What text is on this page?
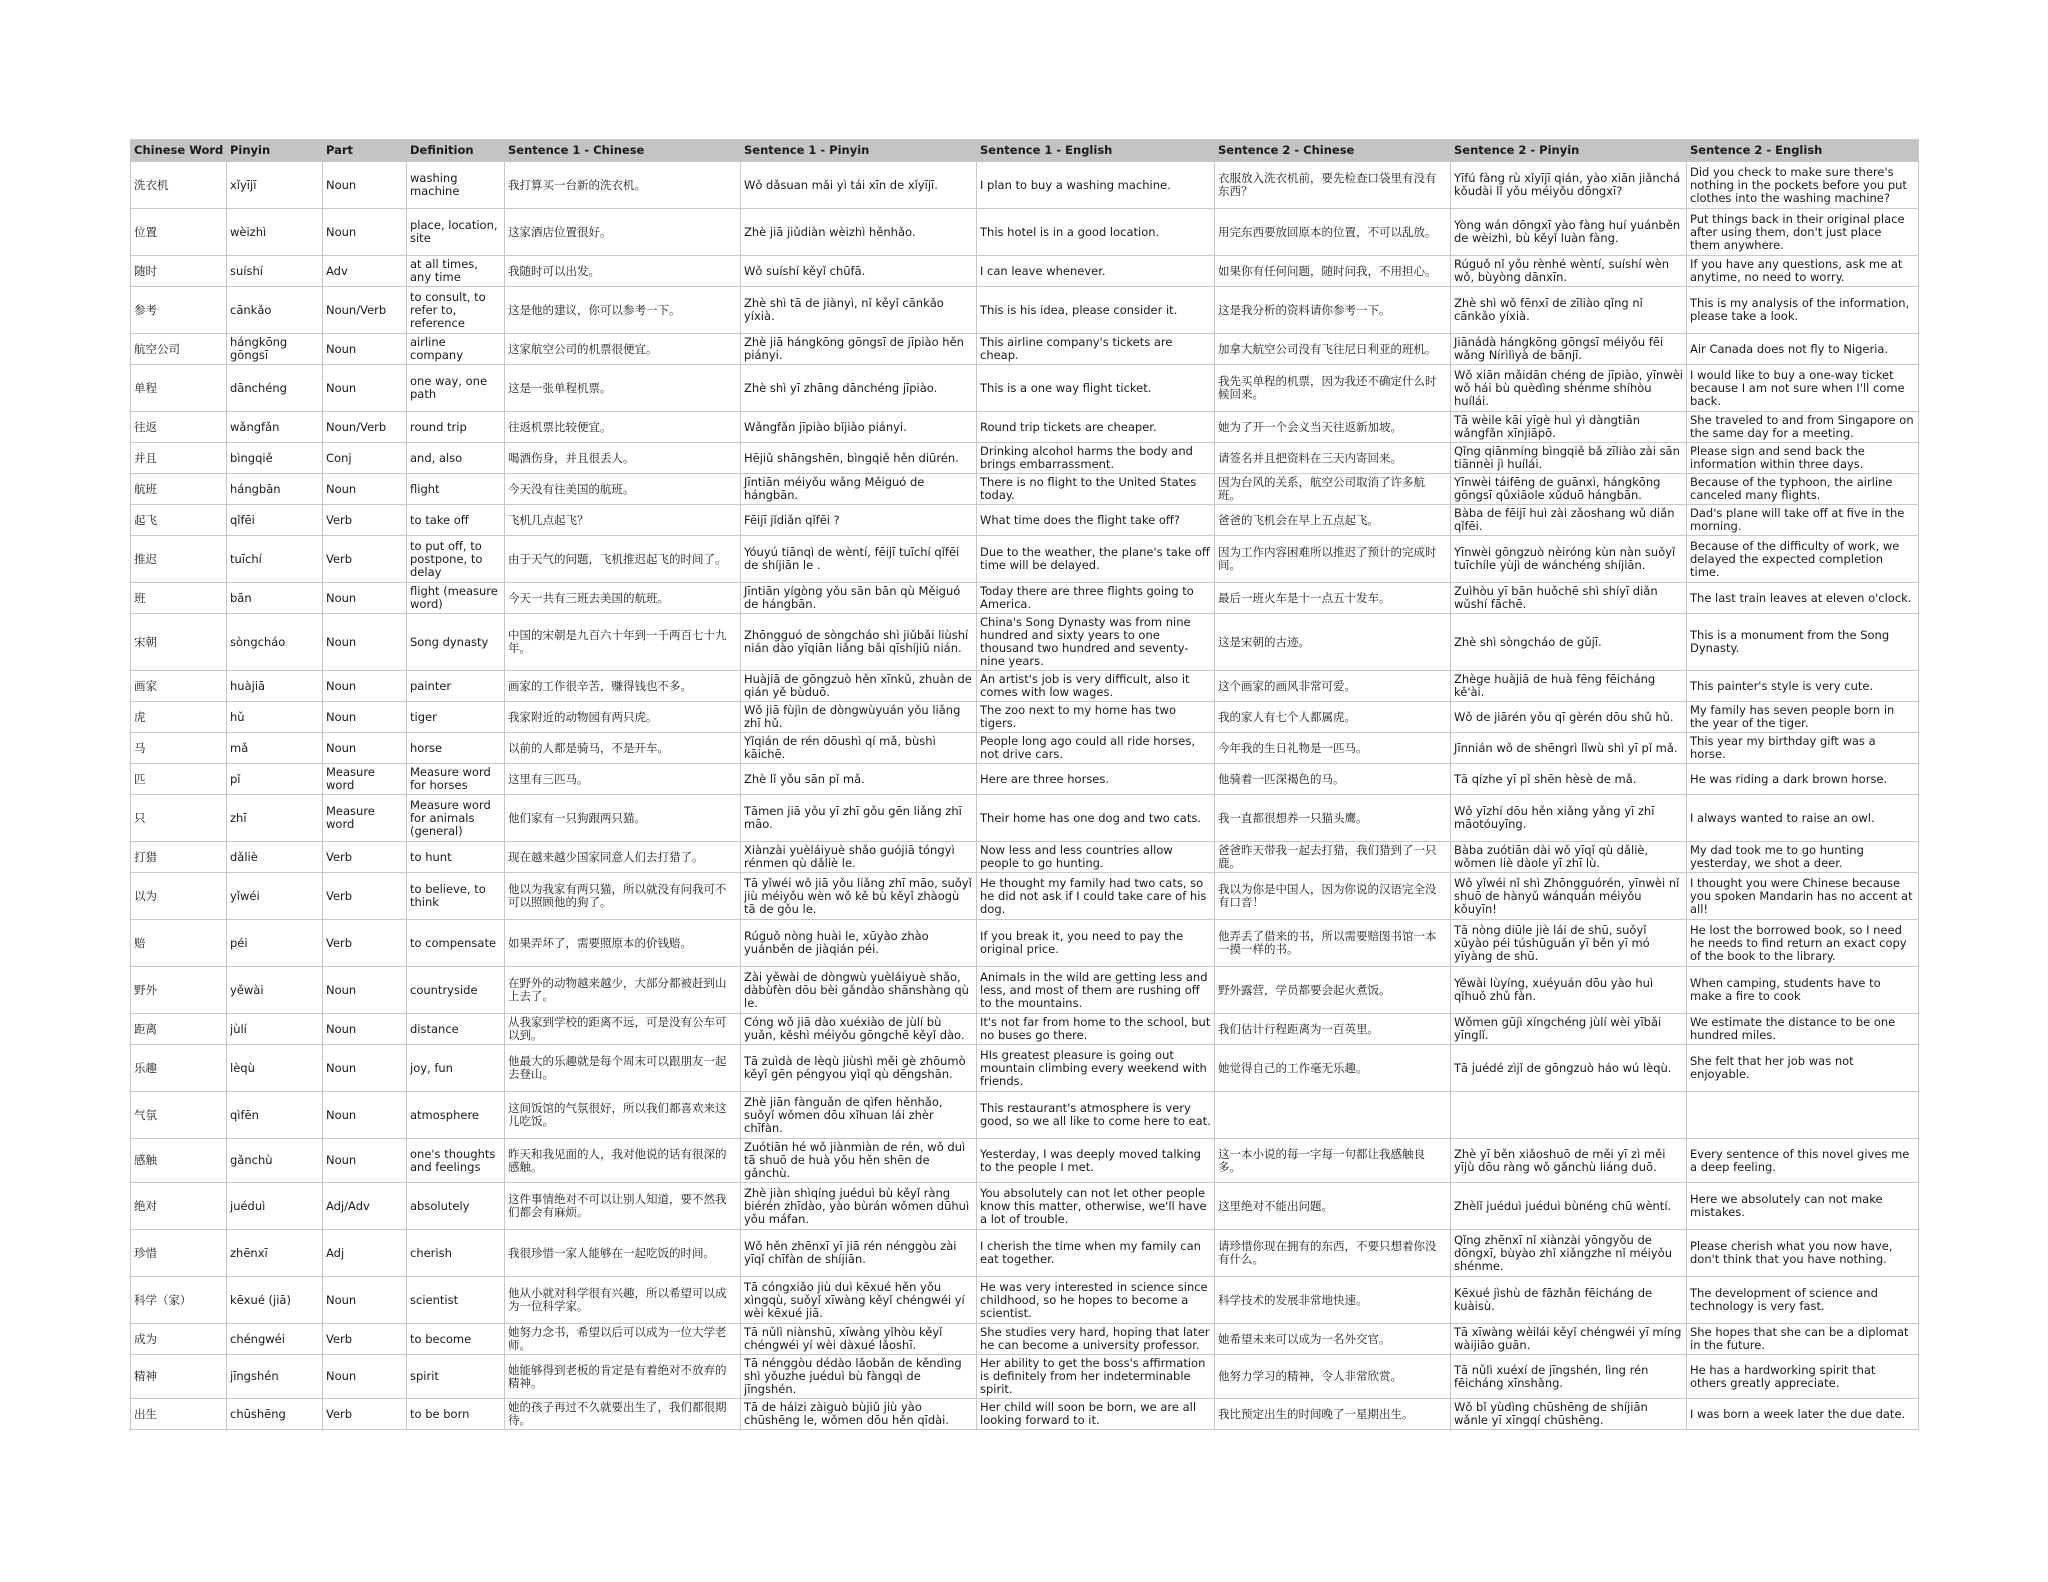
Chinese Word	Pinyin	Part	Definition	Sentence 1 - Chinese	Sentence 1 - Pinyin	Sentence 1 - English	Sentence 2 - Chinese	Sentence 2 - Pinyin	Sentence 2 - English
洗衣机	xǐyījī	Noun	washing machine	我打算买一台新的洗衣机。	Wǒ dǎsuan mǎi yì tái xīn de xǐyījī.	I plan to buy a washing machine.	衣服放入洗衣机前，要先检查口袋里有没有东西？	Yīfú fàng rù xǐyījī qián, yào xiān jiǎnchá kǒudài lǐ yǒu méiyǒu dōngxī?	Did you check to make sure there's nothing in the pockets before you put clothes into the washing machine?
位置	wèizhì	Noun	place, location, site	这家酒店位置很好。	Zhè jiā jiǔdiàn wèizhì hěnhǎo.	This hotel is in a good location.	用完东西要放回原本的位置，不可以乱放。	Yòng wán dōngxī yào fàng huí yuánběn de wèizhì, bù kěyǐ luàn fàng.	Put things back in their original place after using them, don't just place them anywhere.
随时	suíshí	Adv	at all times, any time	我随时可以出发。	Wǒ suíshí kěyǐ chūfā.	I can leave whenever.	如果你有任何问题，随时问我，不用担心。	Rúguǒ nǐ yǒu rènhé wèntí, suíshí wèn wǒ, bùyòng dānxīn.	If you have any questions, ask me at anytime, no need to worry.
参考	cānkǎo	Noun/Verb	to consult, to refer to, reference	这是他的建议，你可以参考一下。	Zhè shì tā de jiànyì, nǐ kěyǐ cānkǎo yíxià.	This is his idea, please consider it.	这是我分析的资料请你参考一下。	Zhè shì wǒ fēnxī de zīliào qǐng nǐ cānkǎo yíxià.	This is my analysis of the information, please take a look.
航空公司	hángkōng gōngsī	Noun	airline company	这家航空公司的机票很便宜。	Zhè jiā hángkōng gōngsī de jīpiào hěn piányi.	This airline company's tickets are cheap.	加拿大航空公司没有飞往尼日利亚的班机。	Jiānádà hángkōng gōngsī méiyǒu fēi wǎng Nírìlìyà de bānjī.	Air Canada does not fly to Nigeria.
单程	dānchéng	Noun	one way, one path	这是一张单程机票。	Zhè shì yī zhāng dānchéng jīpiào.	This is a one way flight ticket.	我先买单程的机票，因为我还不确定什么时候回来。	Wǒ xiān mǎidān chéng de jīpiào, yīnwèi wǒ hái bù quèdìng shénme shíhòu huílái.	I would like to buy a one-way ticket because I am not sure when I'll come back.
往返	wǎngfǎn	Noun/Verb	round trip	往返机票比较便宜。	Wǎngfǎn jīpiào bǐjiào piányi.	Round trip tickets are cheaper.	她为了开一个会义当天往返新加坡。	Tā wèile kāi yīgè huì yì dàngtiān wǎngfǎn xīnjiāpō.	She traveled to and from Singapore on the same day for a meeting.
并且	bìngqiě	Conj	and, also	喝酒伤身，并且很丢人。	Hējiǔ shāngshēn, bìngqiě hěn diūrén.	Drinking alcohol harms the body and brings embarrassment.	请签名并且把资料在三天内寄回来。	Qǐng qiānmíng bìngqiě bǎ zīliào zài sān tiānnèi jì huílái.	Please sign and send back the information within three days.
航班	hángbān	Noun	flight	今天没有往美国的航班。	Jīntiān méiyǒu wǎng Měiguó de hángbān.	There is no flight to the United States today.	因为台风的关系，航空公司取消了许多航班。	Yīnwèi táifēng de guānxì, hángkōng gōngsī qǔxiāole xǔduō hángbān.	Because of the typhoon, the airline canceled many flights.
起飞	qǐfēi	Verb	to take off	飞机几点起飞？	Fēijī jǐdiǎn qǐfēi ?	What time does the flight take off?	爸爸的飞机会在早上五点起飞。	Bàba de fēijī huì zài zǎoshang wǔ diǎn qǐfēi.	Dad's plane will take off at five in the morning.
推迟	tuīchí	Verb	to put off, to postpone, to delay	由于天气的问题，飞机推迟起飞的时间了。	Yóuyú tiānqì de wèntí, fēijī tuīchí qǐfēi de shíjiān le .	Due to the weather, the plane's take off time will be delayed.	因为工作内容困难所以推迟了预计的完成时间。	Yīnwèi gōngzuò nèiróng kùn nàn suǒyǐ tuīchíle yùjì de wánchéng shíjiān.	Because of the difficulty of work, we delayed the expected completion time.
班	bān	Noun	flight (measure word)	今天一共有三班去美国的航班。	Jīntiān yígòng yǒu sān bān qù Měiguó de hángbān.	Today there are three flights going to America.	最后一班火车是十一点五十发车。	Zuìhòu yī bān huǒchē shì shíyī diǎn wǔshí fāchē.	The last train leaves at eleven o'clock.
宋朝	sòngcháo	Noun	Song dynasty	中国的宋朝是九百六十年到一千两百七十九年。	Zhōngguó de sòngcháo shì jiǔbǎi liùshí nián dào yīqiān liǎng bǎi qīshíjiǔ nián.	China's Song Dynasty was from nine hundred and sixty years to one thousand two hundred and seventy-nine years.	这是宋朝的古迹。	Zhè shì sòngcháo de gǔjī.	This is a monument from the Song Dynasty.
画家	huàjiā	Noun	painter	画家的工作很辛苦，赚得钱也不多。	Huàjiā de gōngzuò hěn xīnkǔ, zhuàn de qián yě bùduō.	An artist's job is very difficult, also it comes with low wages.	这个画家的画风非常可爱。	Zhège huàjiā de huà fēng fēicháng kě'ài.	This painter's style is very cute.
虎	hǔ	Noun	tiger	我家附近的动物园有两只虎。	Wǒ jiā fùjìn de dòngwùyuán yǒu liǎng zhī hǔ.	The zoo next to my home has two tigers.	我的家人有七个人都属虎。	Wǒ de jiārén yǒu qī gèrén dōu shǔ hǔ.	My family has seven people born in the year of the tiger.
马	mǎ	Noun	horse	以前的人都是骑马，不是开车。	Yǐqián de rén dōushì qí mǎ, bùshì kāichē.	People long ago could all ride horses, not drive cars.	今年我的生日礼物是一匹马。	Jīnnián wǒ de shēngrì lǐwù shì yī pǐ mǎ.	This year my birthday gift was a horse.
匹	pǐ	Measure word	Measure word for horses	这里有三匹马。	Zhè lǐ yǒu sān pǐ mǎ.	Here are three horses.	他骑着一匹深褐色的马。	Tā qízhe yī pǐ shēn hèsè de mǎ.	He was riding a dark brown horse.
只	zhī	Measure word	Measure word for animals (general)	他们家有一只狗跟两只猫。	Tāmen jiā yǒu yī zhī gǒu gēn liǎng zhī māo.	Their home has one dog and two cats.	我一直都很想养一只猫头鹰。	Wǒ yīzhí dōu hěn xiǎng yǎng yī zhī māotóuyīng.	I always wanted to raise an owl.
打猎	dǎliè	Verb	to hunt	现在越来越少国家同意人们去打猎了。	Xiànzài yuèláiyuè shǎo guójiā tóngyì rénmen qù dǎliè le.	Now less and less countries allow people to go hunting.	爸爸昨天带我一起去打猎，我们猎到了一只鹿。	Bàba zuótiān dài wǒ yīqǐ qù dǎliè, wǒmen liè dàole yī zhī lù.	My dad took me to go hunting yesterday, we shot a deer.
以为	yǐwéi	Verb	to believe, to think	他以为我家有两只猫，所以就没有问我可不可以照顾他的狗了。	Tā yǐwéi wǒ jiā yǒu liǎng zhī māo, suǒyǐ jiù méiyǒu wèn wǒ kě bù kěyǐ zhàogù tā de gǒu le.	He thought my family had two cats, so he did not ask if I could take care of his dog.	我以为你是中国人，因为你说的汉语完全没有口音！	Wǒ yǐwéi nǐ shì Zhōngguórén, yīnwèi nǐ shuō de hànyǔ wánquán méiyǒu kǒuyīn!	I thought you were Chinese because you spoken Mandarin has no accent at all!
赔	péi	Verb	to compensate	如果弄坏了，需要照原本的价钱赔。	Rúguǒ nòng huài le, xūyào zhào yuánběn de jiàqián péi.	If you break it, you need to pay the original price.	他弄丢了借来的书，所以需要赔图书馆一本一摸一样的书。	Tā nòng diūle jiè lái de shū, suǒyǐ xūyào péi túshūguǎn yī běn yī mó yīyàng de shū.	He lost the borrowed book, so I need he needs to find return an exact copy of the book to the library.
野外	yěwài	Noun	countryside	在野外的动物越来越少，大部分都被赶到山上去了。	Zài yěwài de dòngwù yuèláiyuè shǎo, dàbùfèn dōu bèi gǎndào shānshàng qù le.	Animals in the wild are getting less and less, and most of them are rushing off to the mountains.	野外露营，学员都要会起火煮饭。	Yěwài lùyíng, xuéyuán dōu yào huì qǐhuǒ zhǔ fàn.	When camping, students have to make a fire to cook
距离	jùlí	Noun	distance	从我家到学校的距离不远，可是没有公车可以到。	Cóng wǒ jiā dào xuéxiào de jùlí bù yuǎn, kěshì méiyǒu gōngchē kěyǐ dào.	It's not far from home to the school, but no buses go there.	我们估计行程距离为一百英里。	Wǒmen gūjì xíngchéng jùlí wèi yībǎi yīnglǐ.	We estimate the distance to be one hundred miles.
乐趣	lèqù	Noun	joy, fun	他最大的乐趣就是每个周末可以跟朋友一起去登山。	Tā zuìdà de lèqù jiùshì měi gè zhōumò kěyǐ gēn péngyou yìqǐ qù dēngshān.	HIs greatest pleasure is going out mountain climbing every weekend with friends.	她觉得自己的工作毫无乐趣。	Tā juédé zìjǐ de gōngzuò háo wú lèqù.	She felt that her job was not enjoyable.
气氛	qìfēn	Noun	atmosphere	这间饭馆的气氛很好，所以我们都喜欢来这儿吃饭。	Zhè jiān fànguǎn de qìfen hěnhǎo, suǒyǐ wǒmen dōu xǐhuan lái zhèr chīfàn.	This restaurant's atmosphere is very good, so we all like to come here to eat.			
感触	gǎnchù	Noun	one's thoughts and feelings	昨天和我见面的人，我对他说的话有很深的感触。	Zuótiān hé wǒ jiànmiàn de rén, wǒ duì tā shuō de huà yǒu hěn shēn de gǎnchù.	Yesterday, I was deeply moved talking to the people I met.	这一本小说的每一字每一句都让我感触良多。	Zhè yī běn xiǎoshuō de měi yī zì měi yījù dōu ràng wǒ gǎnchù liáng duō.	Every sentence of this novel gives me a deep feeling.
绝对	juéduì	Adj/Adv	absolutely	这件事情绝对不可以让别人知道，要不然我们都会有麻烦。	Zhè jiàn shìqíng juéduì bù kěyǐ ràng biérén zhīdào, yào bùrán wǒmen dūhuì yǒu máfan.	You absolutely can not let other people know this matter, otherwise, we'll have a lot of trouble.	这里绝对不能出问题。	Zhèlǐ juéduì juéduì bùnéng chū wèntí.	Here we absolutely can not make mistakes.
珍惜	zhēnxī	Adj	cherish	我很珍惜一家人能够在一起吃饭的时间。	Wǒ hěn zhēnxī yī jiā rén nénggòu zài yīqǐ chīfàn de shíjiān.	I cherish the time when my family can eat together.	请珍惜你现在拥有的东西，不要只想着你没有什么。	Qǐng zhēnxī nǐ xiànzài yōngyǒu de dōngxī, bùyào zhǐ xiǎngzhe nǐ méiyǒu shénme.	Please cherish what you now have, don't think that you have nothing.
科学（家）	kēxué (jiā)	Noun	scientist	他从小就对科学很有兴趣，所以希望可以成为一位科学家。	Tā cóngxiǎo jiù duì kēxué hěn yǒu xìngqù, suǒyǐ xīwàng kěyǐ chéngwéi yí wèi kēxué jiā.	He was very interested in science since childhood, so he hopes to become a scientist.	科学技术的发展非常地快速。	Kēxué jìshù de fāzhǎn fēicháng de kuàisù.	The development of science and technology is very fast.
成为	chéngwéi	Verb	to become	她努力念书，希望以后可以成为一位大学老师。	Tā nǔlì niànshū, xīwàng yǐhòu kěyǐ chéngwéi yí wèi dàxué lǎoshī.	She studies very hard, hoping that later he can become a university professor.	她希望未来可以成为一名外交官。	Tā xīwàng wèilái kěyǐ chéngwéi yī míng wàijiāo guān.	She hopes that she can be a diplomat in the future.
精神	jīngshén	Noun	spirit	她能够得到老板的肯定是有着绝对不放弃的精神。	Tā nénggòu dédào lǎobǎn de kěndìng shì yǒuzhe juéduì bù fàngqì de jīngshén.	Her ability to get the boss's affirmation is definitely from her indeterminable spirit.	他努力学习的精神，令人非常欣赏。	Tā nǔlì xuéxí de jīngshén, lìng rén fēicháng xīnshǎng.	He has a hardworking spirit that others greatly appreciate.
出生	chūshēng	Verb	to be born	她的孩子再过不久就要出生了，我们都很期待。	Tā de háizi zàiguò bùjiǔ jiù yào chūshēng le, wǒmen dōu hěn qīdài.	Her child will soon be born, we are all looking forward to it.	我比预定出生的时间晚了一星期出生。	Wǒ bǐ yùdìng chūshēng de shíjiān wǎnle yī xīngqí chūshēng.	I was born a week later the due date.
